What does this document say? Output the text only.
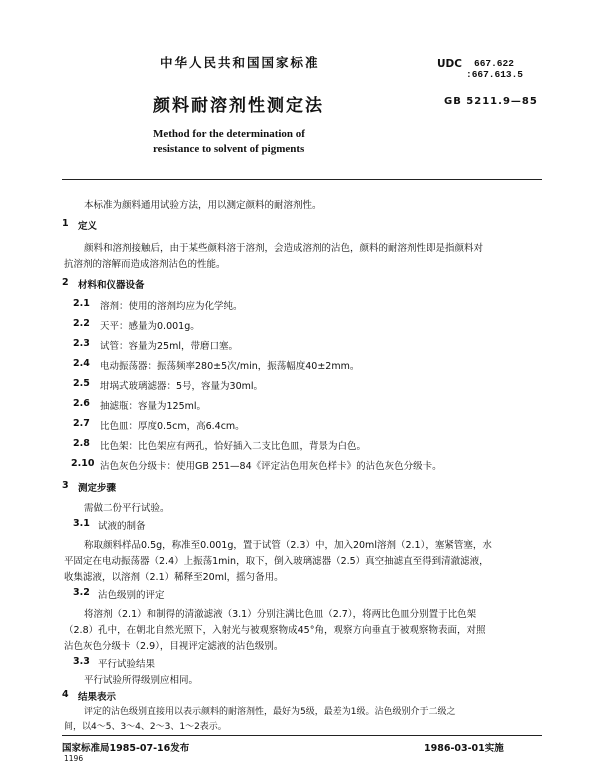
中华人民共和国国家标准	UDC 667.622
:667.613.5
颜料耐溶剂性测定法	GB 5211.9—85
Method for the determination of
resistance to solvent of pigments
本标准为颜料通用试验方法，用以测定颜料的耐溶剂性。
1 定义
颜料和溶剂接触后，由于某些颜料溶于溶剂，会造成溶剂的沾色，颜料的耐溶剂性即是指颜料对
抗溶剂的溶解而造成溶剂沾色的性能。
2 材料和仪器设备
2.1 溶剂：使用的溶剂均应为化学纯。
2.2 天平：感量为0.001g。
2.3 试管：容量为25ml，带磨口塞。
2.4 电动振荡器：振荡频率280±5次/min，振荡幅度40±2mm。
2.5 坩埚式玻璃滤器：5号，容量为30ml。
2.6 抽滤瓶：容量为125ml。
2.7 比色皿：厚度0.5cm，高6.4cm。
2.8 比色架：比色架应有两孔，恰好插入二支比色皿，背景为白色。
2.10 沾色灰色分级卡：使用GB 251—84《评定沾色用灰色样卡》的沾色灰色分级卡。
3 测定步骤
需做二份平行试验。
3.1 试液的制备
称取颜料样品0.5g，称准至0.001g，置于试管（2.3）中，加入20ml溶剂（2.1），塞紧管塞，水
平固定在电动振荡器（2.4）上振荡1min，取下，倒入玻璃滤器（2.5）真空抽滤直至得到清澈滤液，
收集滤液，以溶剂（2.1）稀释至20ml，摇匀备用。
3.2 沾色级别的评定
将溶剂（2.1）和制得的清澈滤液（3.1）分别注满比色皿（2.7），将两比色皿分别置于比色架
（2.8）孔中，在朝北自然光照下，入射光与被观察物成45°角，观察方向垂直于被观察物表面，对照
沾色灰色分级卡（2.9），目视评定滤液的沾色级别。
3.3 平行试验结果
平行试验所得级别应相同。
4 结果表示
评定的沾色级别直接用以表示颜料的耐溶剂性，最好为5级，最差为1级。沾色级别介于二级之
间，以4～5、3～4、2～3、1～2表示。
国家标准局1985-07-16发布	1986-03-01实施
1196
